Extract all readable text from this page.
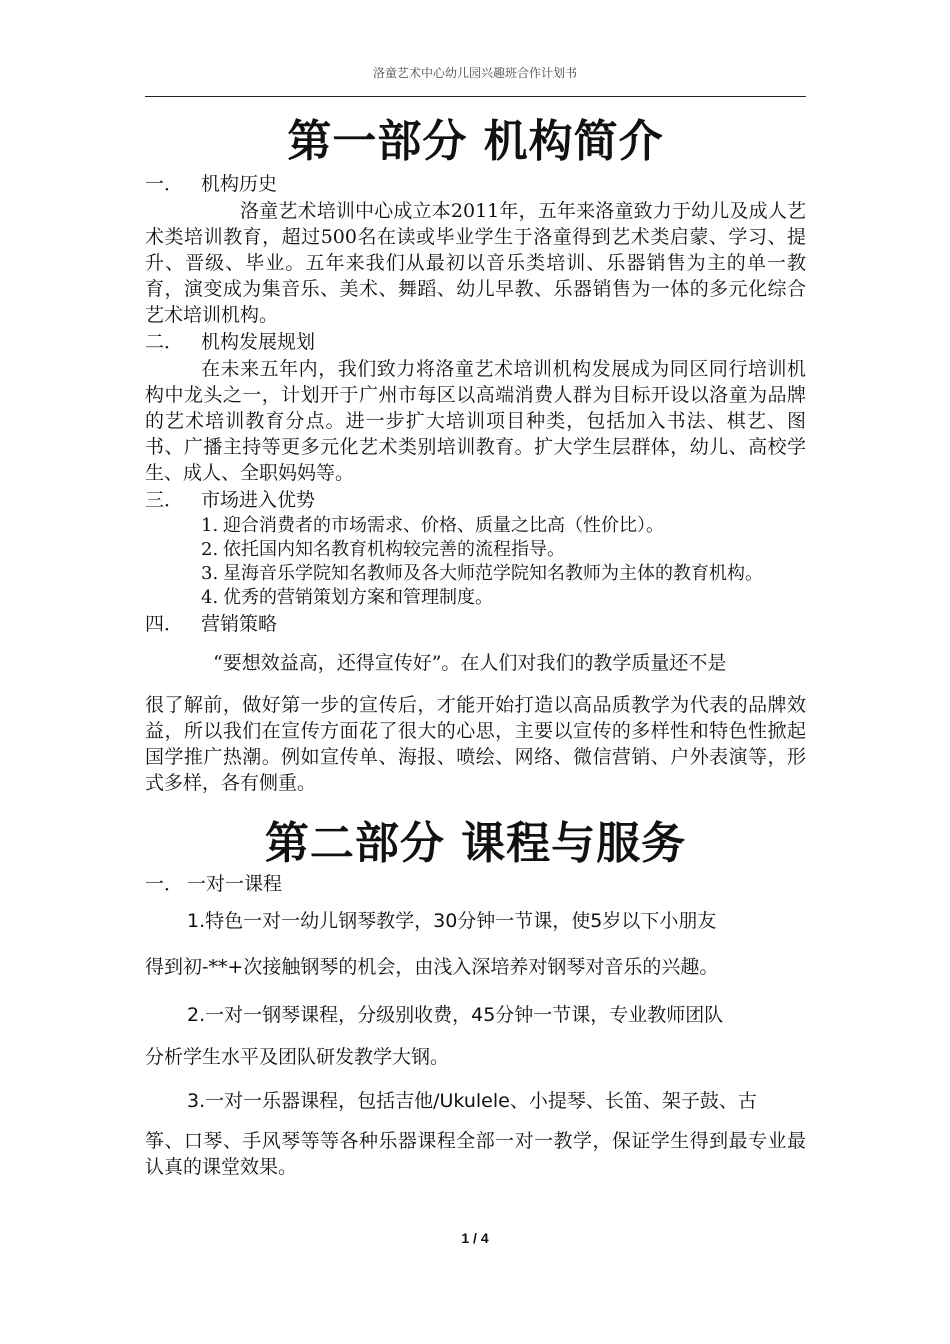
洛童艺术中心幼儿园兴趣班合作计划书
第一部分 机构简介
一． 机构历史

洛童艺术培训中心成立本2011年，五年来洛童致力于幼儿及成人艺术类培训教育，超过500名在读或毕业学生于洛童得到艺术类启蒙、学习、提升、晋级、毕业。五年来我们从最初以音乐类培训、乐器销售为主的单一教育，演变成为集音乐、美术、舞蹈、幼儿早教、乐器销售为一体的多元化综合艺术培训机构。

二． 机构发展规划

在未来五年内，我们致力将洛童艺术培训机构发展成为同区同行培训机构中龙头之一，计划开于广州市每区以高端消费人群为目标开设以洛童为品牌的艺术培训教育分点。进一步扩大培训项目种类，包括加入书法、棋艺、图书、广播主持等更多元化艺术类别培训教育。扩大学生层群体，幼儿、高校学生、成人、全职妈妈等。

三． 市场进入优势
1. 迎合消费者的市场需求、价格、质量之比高（性价比）。
2. 依托国内知名教育机构较完善的流程指导。
3. 星海音乐学院知名教师及各大师范学院知名教师为主体的教育机构。
4. 优秀的营销策划方案和管理制度。
四． 营销策略

“要想效益高，还得宣传好”。在人们对我们的教学质量还不是

很了解前，做好第一步的宣传后，才能开始打造以高品质教学为代表的品牌效益，所以我们在宣传方面花了很大的心思，主要以宣传的多样性和特色性掀起国学推广热潮。例如宣传单、海报、喷绘、网络、微信营销、户外表演等，形式多样，各有侧重。

第二部分 课程与服务
一． 一对一课程

1.特色一对一幼儿钢琴教学，30分钟一节课，使5岁以下小朋友

得到初-**+次接触钢琴的机会，由浅入深培养对钢琴对音乐的兴趣。

2.一对一钢琴课程，分级别收费，45分钟一节课，专业教师团队

分析学生水平及团队研发教学大钢。

3.一对一乐器课程，包括吉他/Ukulele、小提琴、长笛、架子鼓、古

筝、口琴、手风琴等等各种乐器课程全部一对一教学，保证学生得到最专业最认真的课堂效果。

1 / 4
